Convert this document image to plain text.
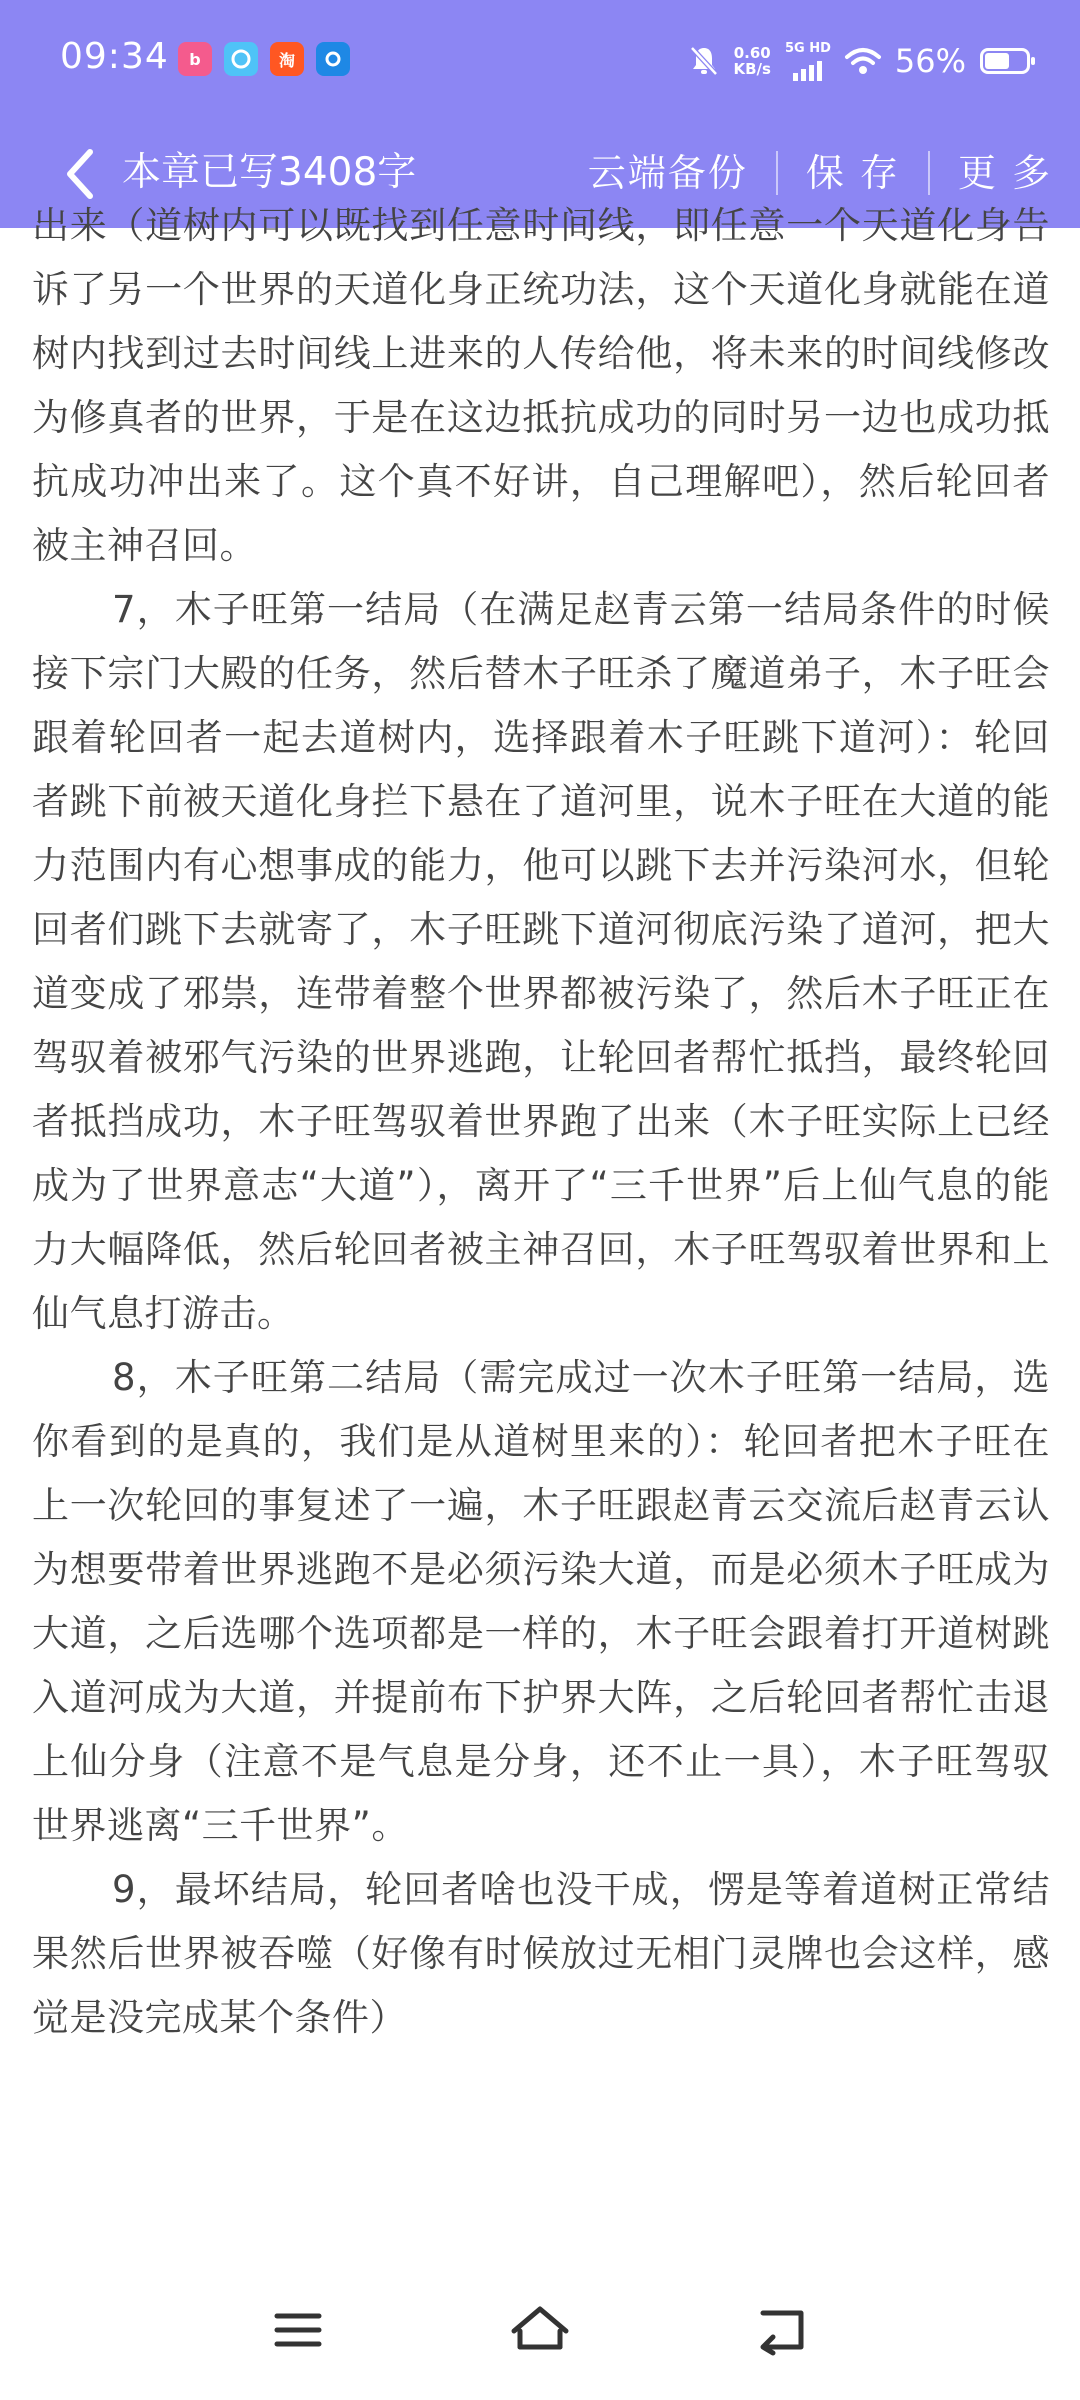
09:34	b	淘	0.60
KB/s
5G HD 56%
本章已写3408字	云端备份	保 存	更 多

出来（道树内可以既找到任意时间线，即任意一个天道化身告诉了另一个世界的天道化身正统功法，这个天道化身就能在道树内找到过去时间线上进来的人传给他，将未来的时间线修改为修真者的世界，于是在这边抵抗成功的同时另一边也成功抵抗成功冲出来了。这个真不好讲，自己理解吧），然后轮回者被主神召回。

7，木子旺第一结局（在满足赵青云第一结局条件的时候接下宗门大殿的任务，然后替木子旺杀了魔道弟子，木子旺会跟着轮回者一起去道树内，选择跟着木子旺跳下道河）：轮回者跳下前被天道化身拦下悬在了道河里，说木子旺在大道的能力范围内有心想事成的能力，他可以跳下去并污染河水，但轮回者们跳下去就寄了，木子旺跳下道河彻底污染了道河，把大道变成了邪祟，连带着整个世界都被污染了，然后木子旺正在驾驭着被邪气污染的世界逃跑，让轮回者帮忙抵挡，最终轮回者抵挡成功，木子旺驾驭着世界跑了出来（木子旺实际上已经成为了世界意志“大道”），离开了“三千世界”后上仙气息的能力大幅降低，然后轮回者被主神召回，木子旺驾驭着世界和上仙气息打游击。

8，木子旺第二结局（需完成过一次木子旺第一结局，选你看到的是真的，我们是从道树里来的）：轮回者把木子旺在上一次轮回的事复述了一遍，木子旺跟赵青云交流后赵青云认为想要带着世界逃跑不是必须污染大道，而是必须木子旺成为大道，之后选哪个选项都是一样的，木子旺会跟着打开道树跳入道河成为大道，并提前布下护界大阵，之后轮回者帮忙击退上仙分身（注意不是气息是分身，还不止一具），木子旺驾驭世界逃离“三千世界”。

9，最坏结局，轮回者啥也没干成，愣是等着道树正常结果然后世界被吞噬（好像有时候放过无相门灵牌也会这样，感觉是没完成某个条件）
